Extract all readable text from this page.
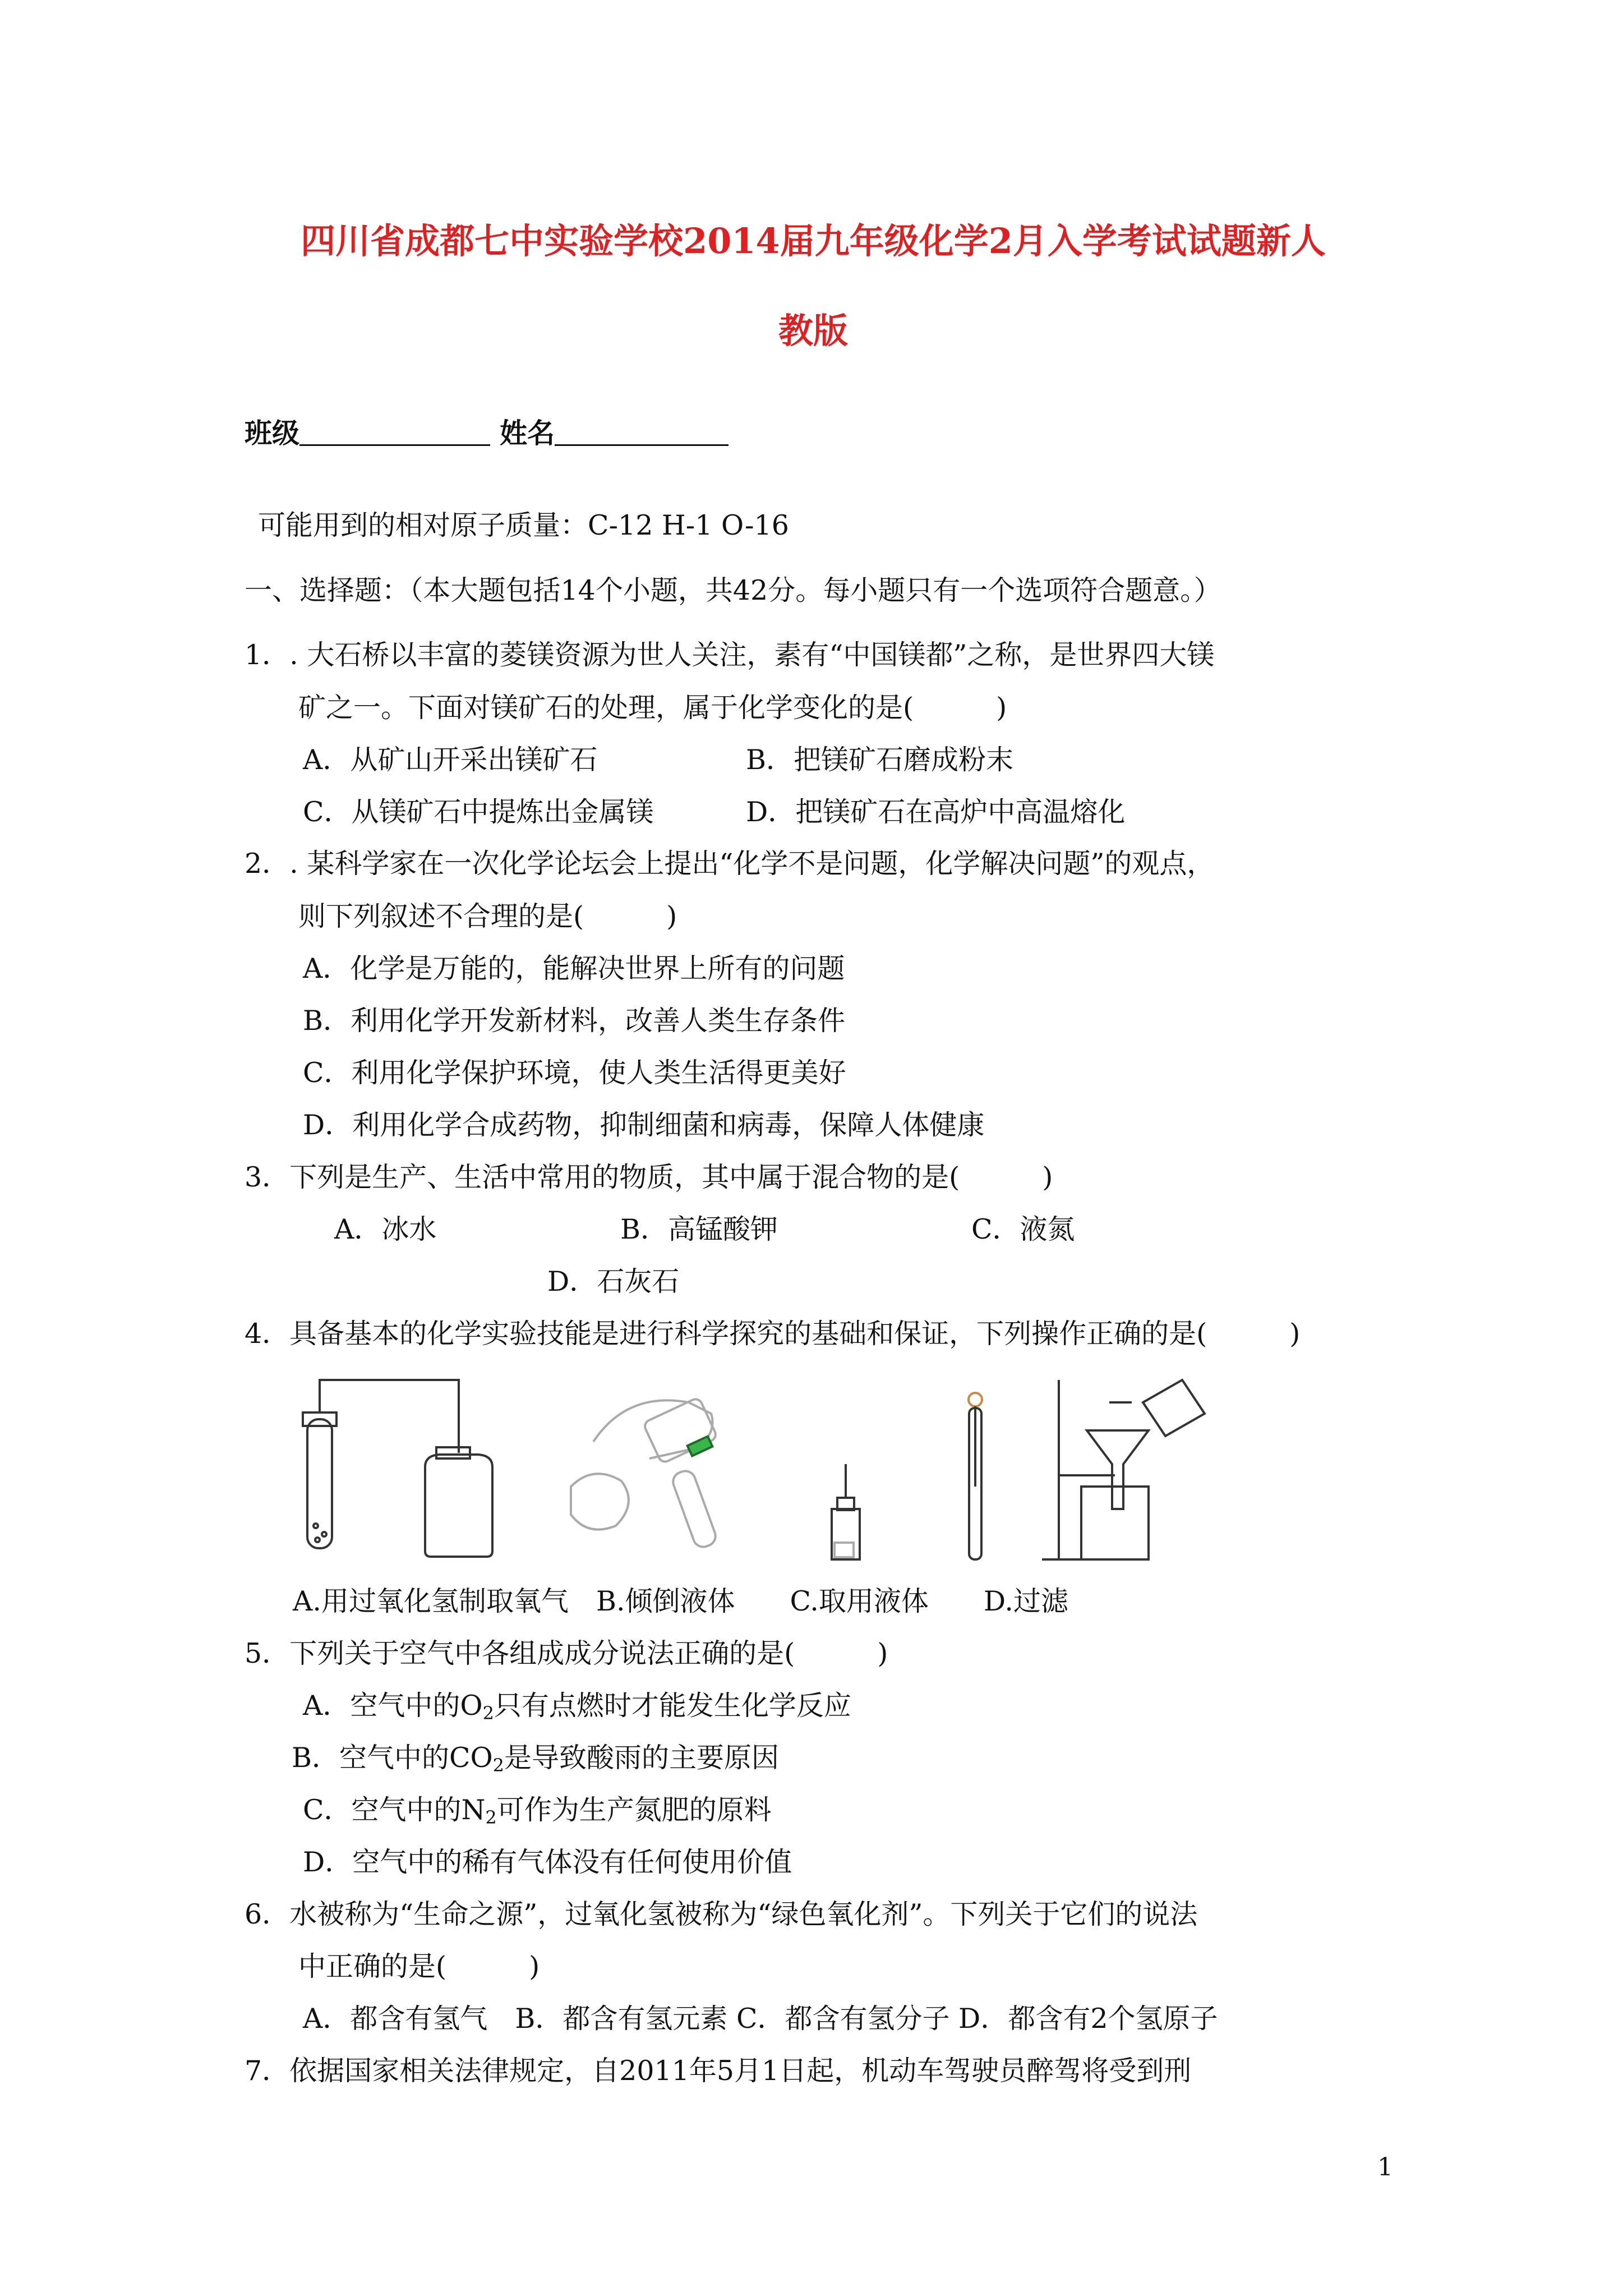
四川省成都七中实验学校2014届九年级化学2月入学考试试题新人
教版
班级	姓名
可能用到的相对原子质量：C-12 H-1 O-16
一、选择题：（本大题包括14个小题，共42分。每小题只有一个选项符合题意。）
1．. 大石桥以丰富的菱镁资源为世人关注，素有“中国镁都”之称，是世界四大镁
矿之一。下面对镁矿石的处理，属于化学变化的是(　　　)
A．从矿山开采出镁矿石	B．把镁矿石磨成粉末
C．从镁矿石中提炼出金属镁	D．把镁矿石在高炉中高温熔化
2．. 某科学家在一次化学论坛会上提出“化学不是问题，化学解决问题”的观点，
则下列叙述不合理的是(　　　)
A．化学是万能的，能解决世界上所有的问题
B．利用化学开发新材料，改善人类生存条件
C．利用化学保护环境，使人类生活得更美好
D．利用化学合成药物，抑制细菌和病毒，保障人体健康
3．下列是生产、生活中常用的物质，其中属于混合物的是(　　　)
A．冰水	B．高锰酸钾	C．液氮
D．石灰石
4．具备基本的化学实验技能是进行科学探究的基础和保证，下列操作正确的是(　　　)
A.用过氧化氢制取氧气　B.倾倒液体　　C.取用液体　　D.过滤
5．下列关于空气中各组成成分说法正确的是(　　　)
A．空气中的$O_2$只有点燃时才能发生化学反应
B．空气中的$CO_2$是导致酸雨的主要原因
C．空气中的$N_2$可作为生产氮肥的原料
D．空气中的稀有气体没有任何使用价值
6．水被称为“生命之源”，过氧化氢被称为“绿色氧化剂”。下列关于它们的说法
中正确的是(　　　)
A．都含有氢气　B．都含有氢元素 C．都含有氢分子 D．都含有2个氢原子
7．依据国家相关法律规定，自2011年5月1日起，机动车驾驶员醉驾将受到刑
1
